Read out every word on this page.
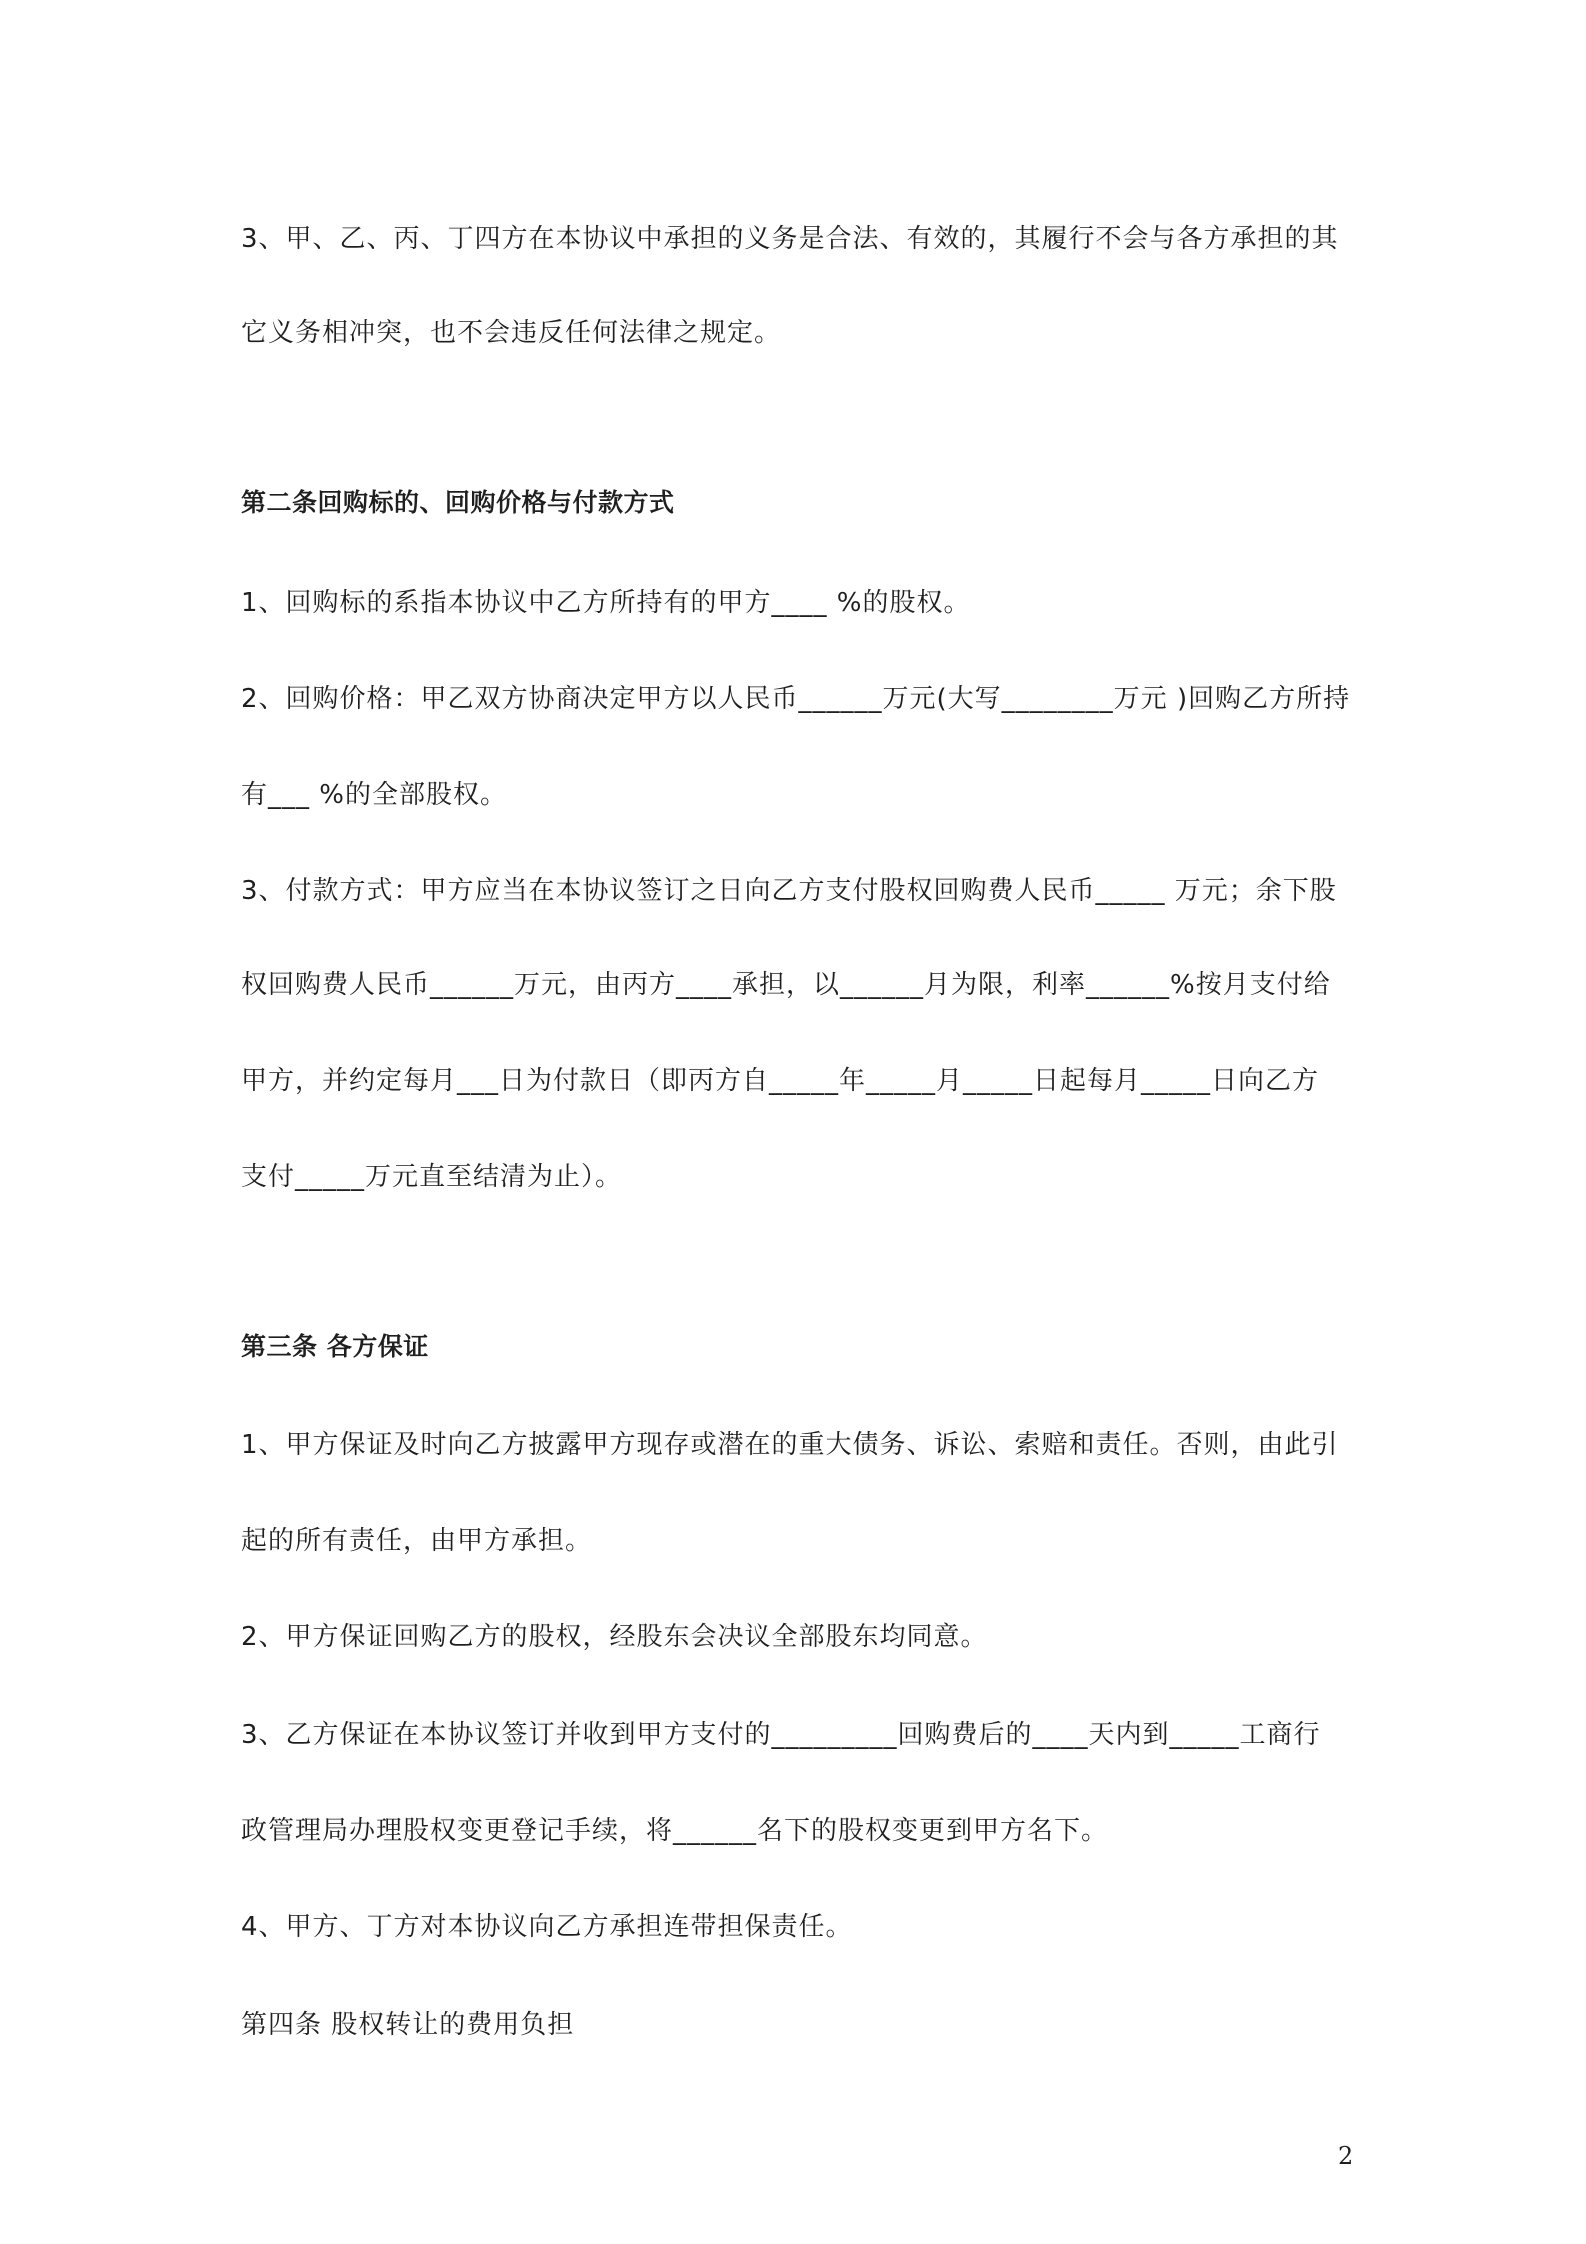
3、甲、乙、丙、丁四方在本协议中承担的义务是合法、有效的，其履行不会与各方承担的其
它义务相冲突，也不会违反任何法律之规定。
第二条回购标的、回购价格与付款方式
1、回购标的系指本协议中乙方所持有的甲方____ %的股权。
2、回购价格：甲乙双方协商决定甲方以人民币______万元(大写________万元 )回购乙方所持
有___ %的全部股权。
3、付款方式：甲方应当在本协议签订之日向乙方支付股权回购费人民币_____ 万元；余下股
权回购费人民币______万元，由丙方____承担，以______月为限，利率______%按月支付给
甲方，并约定每月___日为付款日（即丙方自_____年_____月_____日起每月_____日向乙方
支付_____万元直至结清为止）。
第三条 各方保证
1、甲方保证及时向乙方披露甲方现存或潜在的重大债务、诉讼、索赔和责任。否则，由此引
起的所有责任，由甲方承担。
2、甲方保证回购乙方的股权，经股东会决议全部股东均同意。
3、乙方保证在本协议签订并收到甲方支付的_________回购费后的____天内到_____工商行
政管理局办理股权变更登记手续，将______名下的股权变更到甲方名下。
4、甲方、丁方对本协议向乙方承担连带担保责任。
第四条 股权转让的费用负担
2
